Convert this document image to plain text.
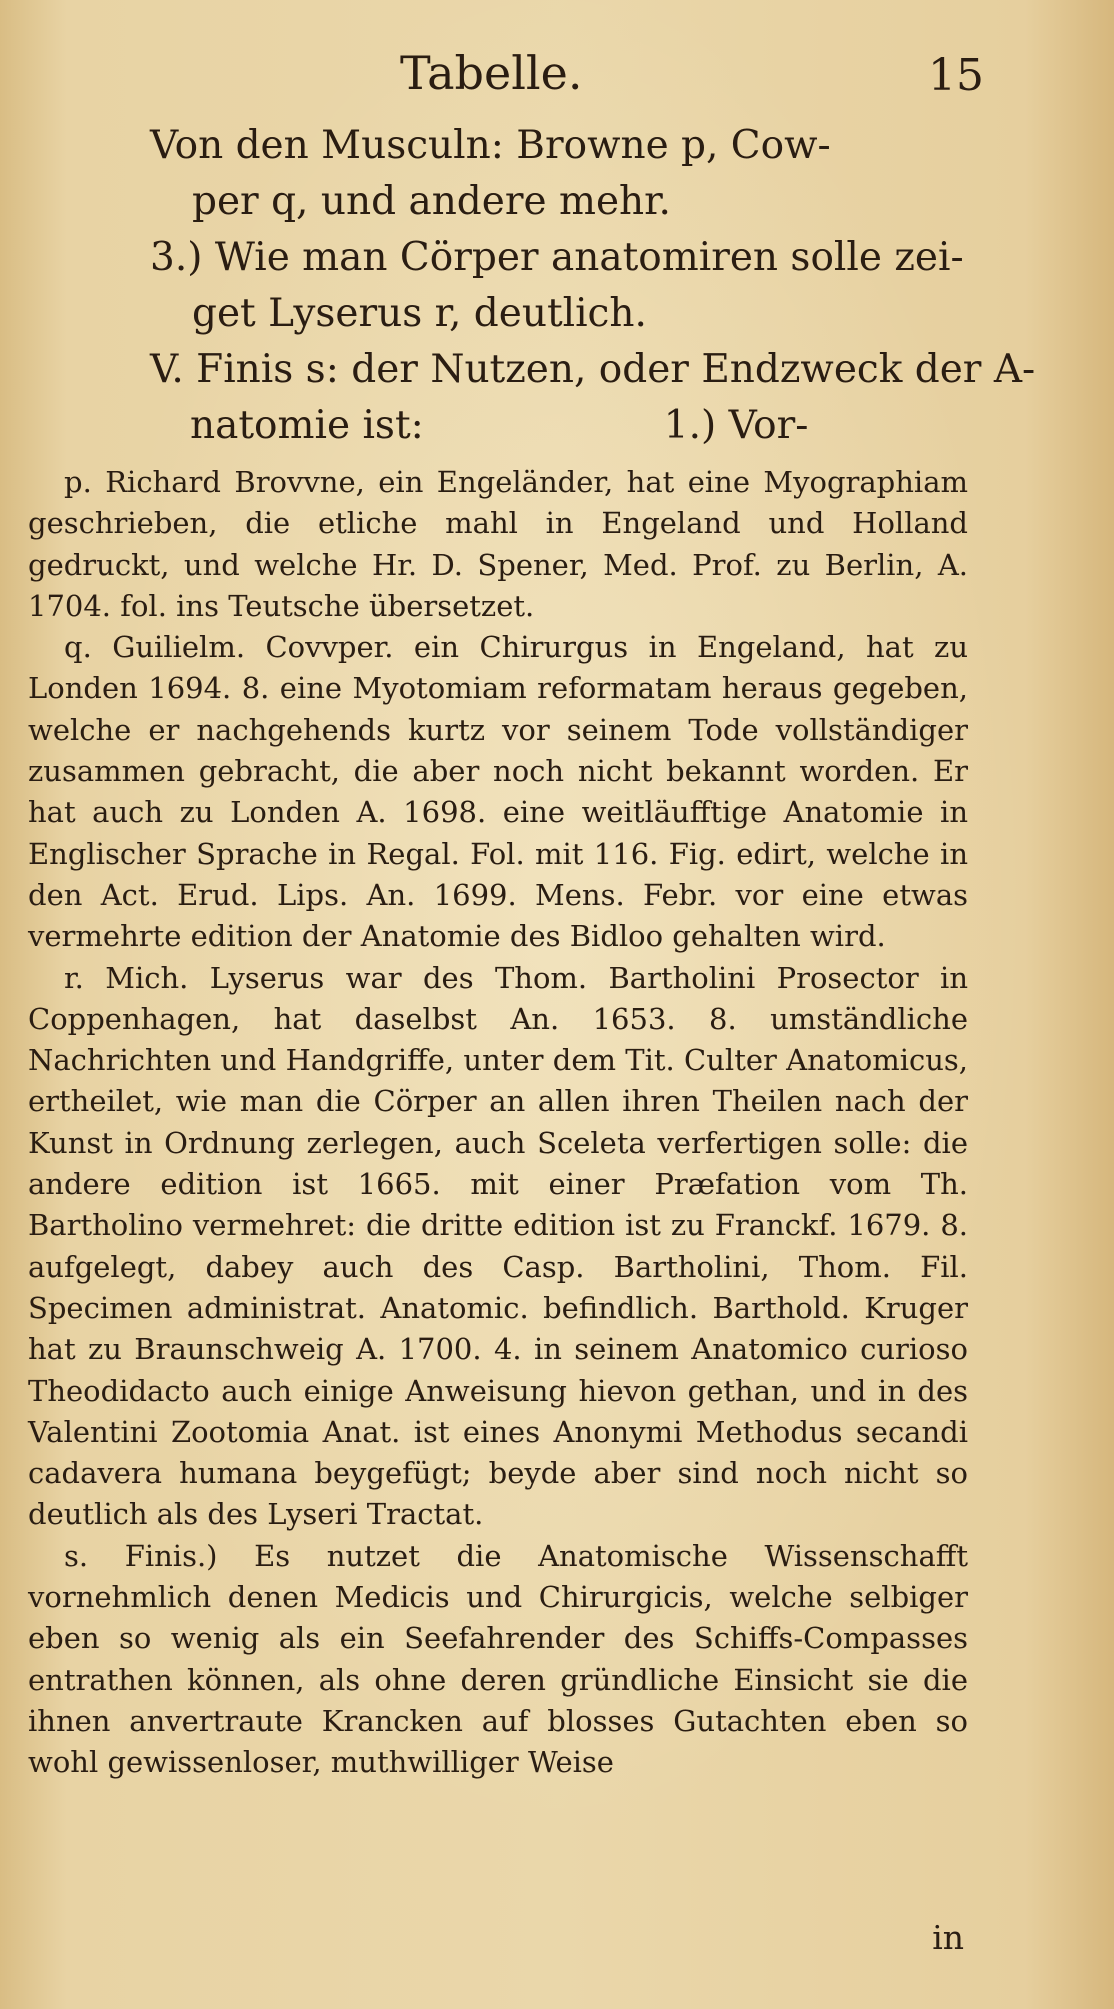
Tabelle.	15
Von den Musculn: Browne p, Cow-
per q, und andere mehr.
3.) Wie man Cörper anatomiren solle zei-
get Lyserus r, deutlich.
V. Finis s: der Nutzen, oder Endzweck der A-
natomie ist:	1.) Vor-

p. Richard Brovvne, ein Engeländer, hat eine Myographiam geschrieben, die etliche mahl in Engeland und Holland gedruckt, und welche Hr. D. Spener, Med. Prof. zu Berlin, A. 1704. fol. ins Teutsche übersetzet.

q. Guilielm. Covvper. ein Chirurgus in Engeland, hat zu Londen 1694. 8. eine Myotomiam reformatam heraus gegeben, welche er nachgehends kurtz vor seinem Tode vollständiger zusammen gebracht, die aber noch nicht bekannt worden. Er hat auch zu Londen A. 1698. eine weitläufftige Anatomie in Englischer Sprache in Regal. Fol. mit 116. Fig. edirt, welche in den Act. Erud. Lips. An. 1699. Mens. Febr. vor eine etwas vermehrte edition der Anatomie des Bidloo gehalten wird.

r. Mich. Lyserus war des Thom. Bartholini Prosector in Coppenhagen, hat daselbst An. 1653. 8. umständliche Nachrichten und Handgriffe, unter dem Tit. Culter Anatomicus, ertheilet, wie man die Cörper an allen ihren Theilen nach der Kunst in Ordnung zerlegen, auch Sceleta verfertigen solle: die andere edition ist 1665. mit einer Præfation vom Th. Bartholino vermehret: die dritte edition ist zu Franckf. 1679. 8. aufgelegt, dabey auch des Casp. Bartholini, Thom. Fil. Specimen administrat. Anatomic. befindlich. Barthold. Kruger hat zu Braunschweig A. 1700. 4. in seinem Anatomico curioso Theodidacto auch einige Anweisung hievon gethan, und in des Valentini Zootomia Anat. ist eines Anonymi Methodus secandi cadavera humana beygefügt; beyde aber sind noch nicht so deutlich als des Lyseri Tractat.

s. Finis.) Es nutzet die Anatomische Wissenschafft vornehmlich denen Medicis und Chirurgicis, welche selbiger eben so wenig als ein Seefahrender des Schiffs-Compasses entrathen können, als ohne deren gründliche Einsicht sie die ihnen anvertraute Krancken auf blosses Gutachten eben so wohl gewissenloser, muthwilliger Weise

in
